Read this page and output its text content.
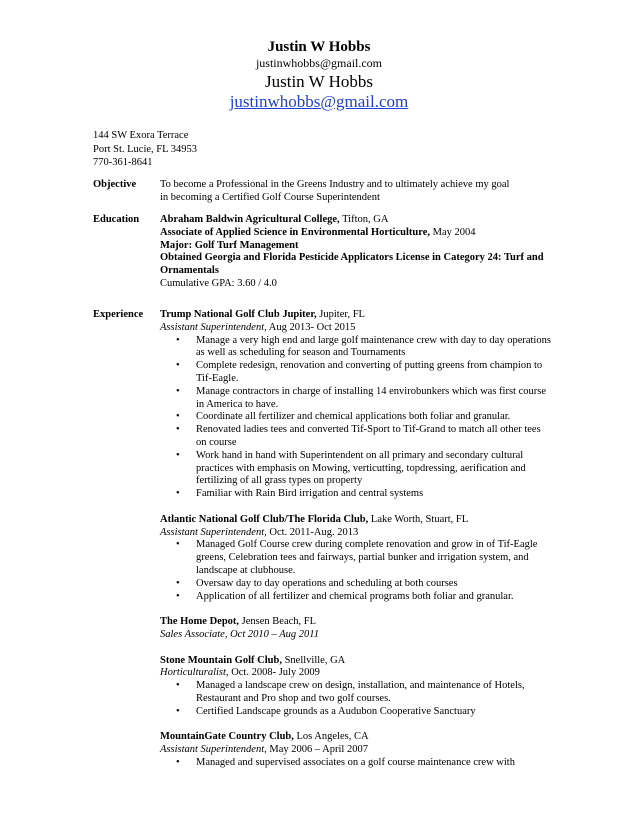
Justin W Hobbs
justinwhobbs@gmail.com
Justin W Hobbs
justinwhobbs@gmail.com
144 SW Exora Terrace
Port St. Lucie, FL 34953
770-361-8641
Objective To become a Professional in the Greens Industry and to ultimately achieve my goal
in becoming a Certified Golf Course Superintendent
Education Abraham Baldwin Agricultural College, Tifton, GA
Associate of Applied Science in Environmental Horticulture, May 2004
Major: Golf Turf Management
Obtained Georgia and Florida Pesticide Applicators License in Category 24: Turf and
Ornamentals
Cumulative GPA: 3.60 / 4.0
Experience Trump National Golf Club Jupiter, Jupiter, FL
Assistant Superintendent, Aug 2013- Oct 2015
• Manage a very high end and large golf maintenance crew with day to day operations as well as scheduling for season and Tournaments
• Complete redesign, renovation and converting of putting greens from champion to Tif-Eagle.
• Manage contractors in charge of installing 14 envirobunkers which was first course in America to have.
• Coordinate all fertilizer and chemical applications both foliar and granular.
• Renovated ladies tees and converted Tif-Sport to Tif-Grand to match all other tees on course
• Work hand in hand with Superintendent on all primary and secondary cultural practices with emphasis on Mowing, verticutting, topdressing, aerification and fertilizing of all grass types on property
• Familiar with Rain Bird irrigation and central systems
Atlantic National Golf Club/The Florida Club, Lake Worth, Stuart, FL
Assistant Superintendent, Oct. 2011-Aug. 2013
• Managed Golf Course crew during complete renovation and grow in of Tif-Eagle greens, Celebration tees and fairways, partial bunker and irrigation system, and landscape at clubhouse.
• Oversaw day to day operations and scheduling at both courses
• Application of all fertilizer and chemical programs both foliar and granular.
The Home Depot, Jensen Beach, FL
Sales Associate, Oct 2010 – Aug 2011
Stone Mountain Golf Club, Snellville, GA
Horticulturalist, Oct. 2008- July 2009
• Managed a landscape crew on design, installation, and maintenance of Hotels, Restaurant and Pro shop and two golf courses.
• Certified Landscape grounds as a Audubon Cooperative Sanctuary
MountainGate Country Club, Los Angeles, CA
Assistant Superintendent, May 2006 – April 2007
• Managed and supervised associates on a golf course maintenance crew with
